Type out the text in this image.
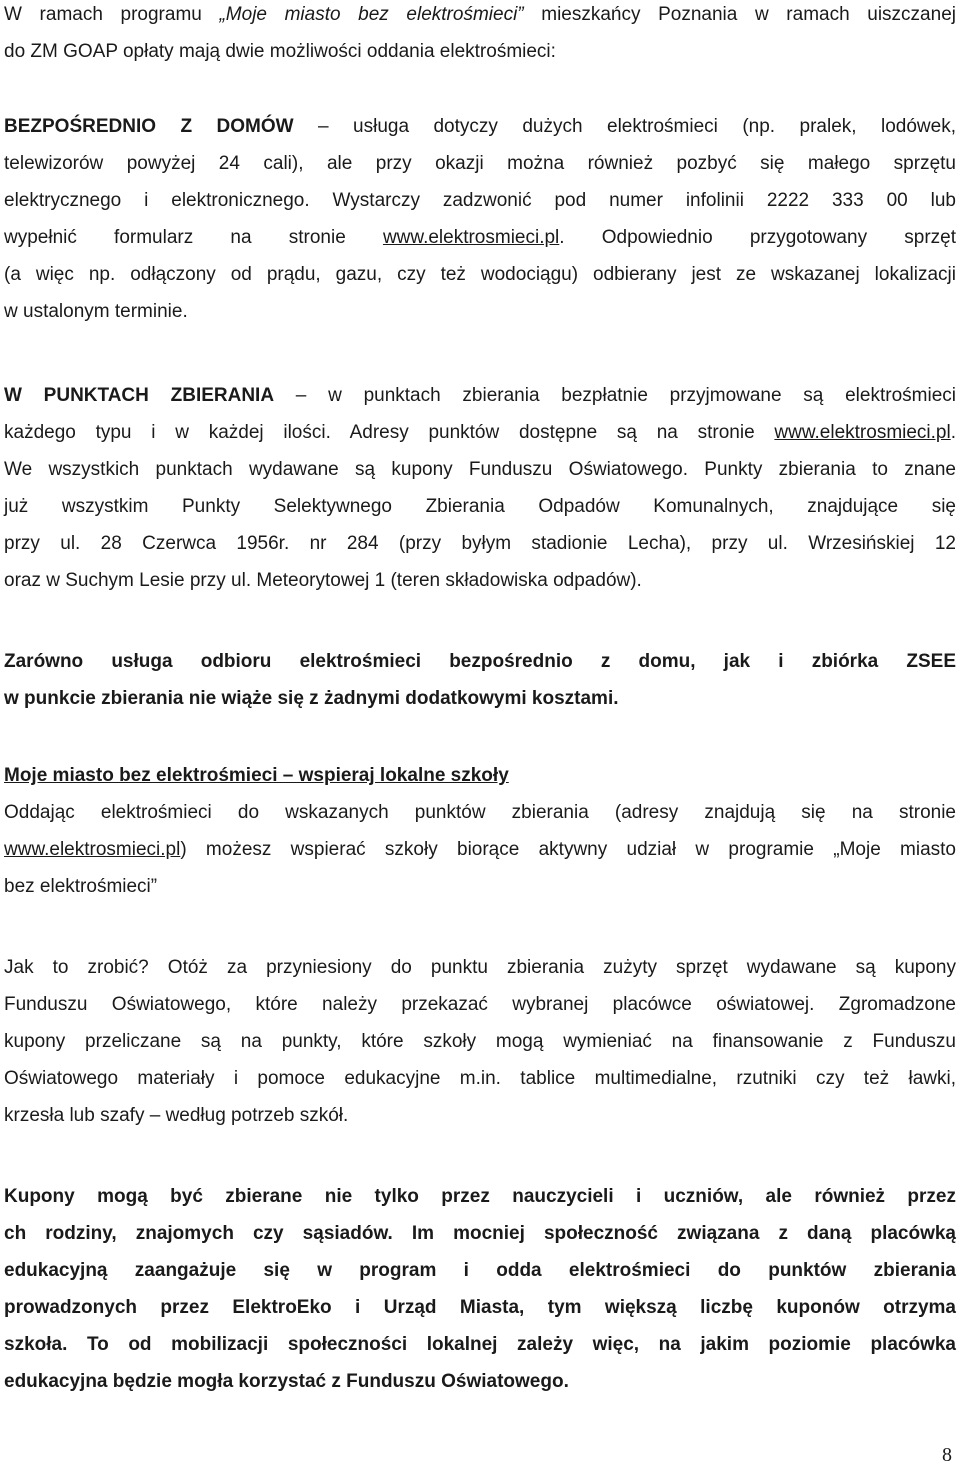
W ramach programu „Moje miasto bez elektrośmieci” mieszkańcy Poznania w ramach uiszczanej
do ZM GOAP opłaty mają dwie możliwości oddania elektrośmieci:

BEZPOŚREDNIO Z DOMÓW – usługa dotyczy dużych elektrośmieci (np. pralek, lodówek,
telewizorów powyżej 24 cali), ale przy okazji można również pozbyć się małego sprzętu
elektrycznego i elektronicznego. Wystarczy zadzwonić pod numer infolinii 2222 333 00 lub
wypełnić formularz na stronie www.elektrosmieci.pl. Odpowiednio przygotowany sprzęt
(a więc np. odłączony od prądu, gazu, czy też wodociągu) odbierany jest ze wskazanej lokalizacji
w ustalonym terminie.

W PUNKTACH ZBIERANIA – w punktach zbierania bezpłatnie przyjmowane są elektrośmieci
każdego typu i w każdej ilości. Adresy punktów dostępne są na stronie www.elektrosmieci.pl.
We wszystkich punktach wydawane są kupony Funduszu Oświatowego. Punkty zbierania to znane
już wszystkim Punkty Selektywnego Zbierania Odpadów Komunalnych, znajdujące się
przy ul. 28 Czerwca 1956r. nr 284 (przy byłym stadionie Lecha), przy ul. Wrzesińskiej 12
oraz w Suchym Lesie przy ul. Meteorytowej 1 (teren składowiska odpadów).

Zarówno usługa odbioru elektrośmieci bezpośrednio z domu, jak i zbiórka ZSEE
w punkcie zbierania nie wiąże się z żadnymi dodatkowymi kosztami.

Moje miasto bez elektrośmieci – wspieraj lokalne szkoły
Oddając elektrośmieci do wskazanych punktów zbierania (adresy znajdują się na stronie
www.elektrosmieci.pl) możesz wspierać szkoły biorące aktywny udział w programie „Moje miasto
bez elektrośmieci”

Jak to zrobić? Otóż za przyniesiony do punktu zbierania zużyty sprzęt wydawane są kupony
Funduszu Oświatowego, które należy przekazać wybranej placówce oświatowej. Zgromadzone
kupony przeliczane są na punkty, które szkoły mogą wymieniać na finansowanie z Funduszu
Oświatowego materiały i pomoce edukacyjne m.in. tablice multimedialne, rzutniki czy też ławki,
krzesła lub szafy – według potrzeb szkół.

Kupony mogą być zbierane nie tylko przez nauczycieli i uczniów, ale również przez
ch rodziny, znajomych czy sąsiadów. Im mocniej społeczność związana z daną placówką
edukacyjną zaangażuje się w program i odda elektrośmieci do punktów zbierania
prowadzonych przez ElektroEko i Urząd Miasta, tym większą liczbę kuponów otrzyma
szkoła. To od mobilizacji społeczności lokalnej zależy więc, na jakim poziomie placówka
edukacyjna będzie mogła korzystać z Funduszu Oświatowego.

8
